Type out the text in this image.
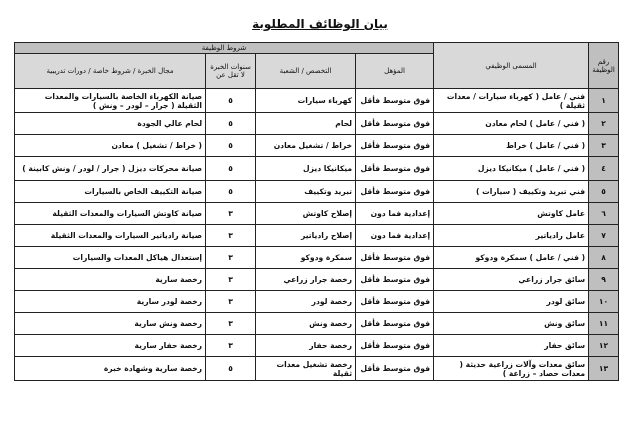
بيان الوظائف المطلوبة
رقم الوظيفة	المسمى الوظيفي	شروط الوظيفة			
		المؤهل	التخصص / الشعبة	سنوات الخبرة لا تقل عن	مجال الخبرة / شروط خاصة / دورات تدريبية
١	فني / عامل ( كهرباء سيارات / معدات ثقيلة )	فوق متوسط فأقل	كهرباء سيارات	٥	صيانة الكهرباء الخاصة بالسيارات والمعدات الثقيلة ( جرار – لودر – ونش )
٢	( فني / عامل ) لحام معادن	فوق متوسط فأقل	لحام	٥	لحام عالي الجودة
٣	( فني / عامل ) خراط	فوق متوسط فأقل	خراط / تشغيل معادن	٥	( خراط / تشغيل ) معادن
٤	( فني / عامل ) ميكانيكا ديزل	فوق متوسط فأقل	ميكانيكا ديزل	٥	صيانة محركات ديزل ( جرار / لودر / ونش كابينة )
٥	فني تبريد وتكييف ( سيارات )	فوق متوسط فأقل	تبريد وتكييف	٥	صيانة التكييف الخاص بالسيارات
٦	عامل كاوتش	إعدادية فما دون	إصلاح كاوتش	٣	صيانة كاوتش السيارات والمعدات الثقيلة
٧	عامل رادياتير	إعدادية فما دون	إصلاح رادياتير	٣	صيانة رادياتير السيارات والمعدات الثقيلة
٨	( فني / عامل ) سمكرة ودوكو	فوق متوسط فأقل	سمكرة ودوكو	٣	إستعدال هياكل المعدات والسيارات
٩	سائق جرار زراعي	فوق متوسط فأقل	رخصة جرار زراعي	٣	رخصة سارية
١٠	سائق لودر	فوق متوسط فأقل	رخصة لودر	٣	رخصة لودر سارية
١١	سائق ونش	فوق متوسط فأقل	رخصة ونش	٣	رخصة ونش سارية
١٢	سائق حفار	فوق متوسط فأقل	رخصة حفار	٣	رخصة حفار سارية
١٣	سائق معدات وآلات زراعية حديثة ( معدات حصاد – زراعة )	فوق متوسط فأقل	رخصة تشغيل معدات ثقيلة	٥	رخصة سارية وشهادة خبرة
